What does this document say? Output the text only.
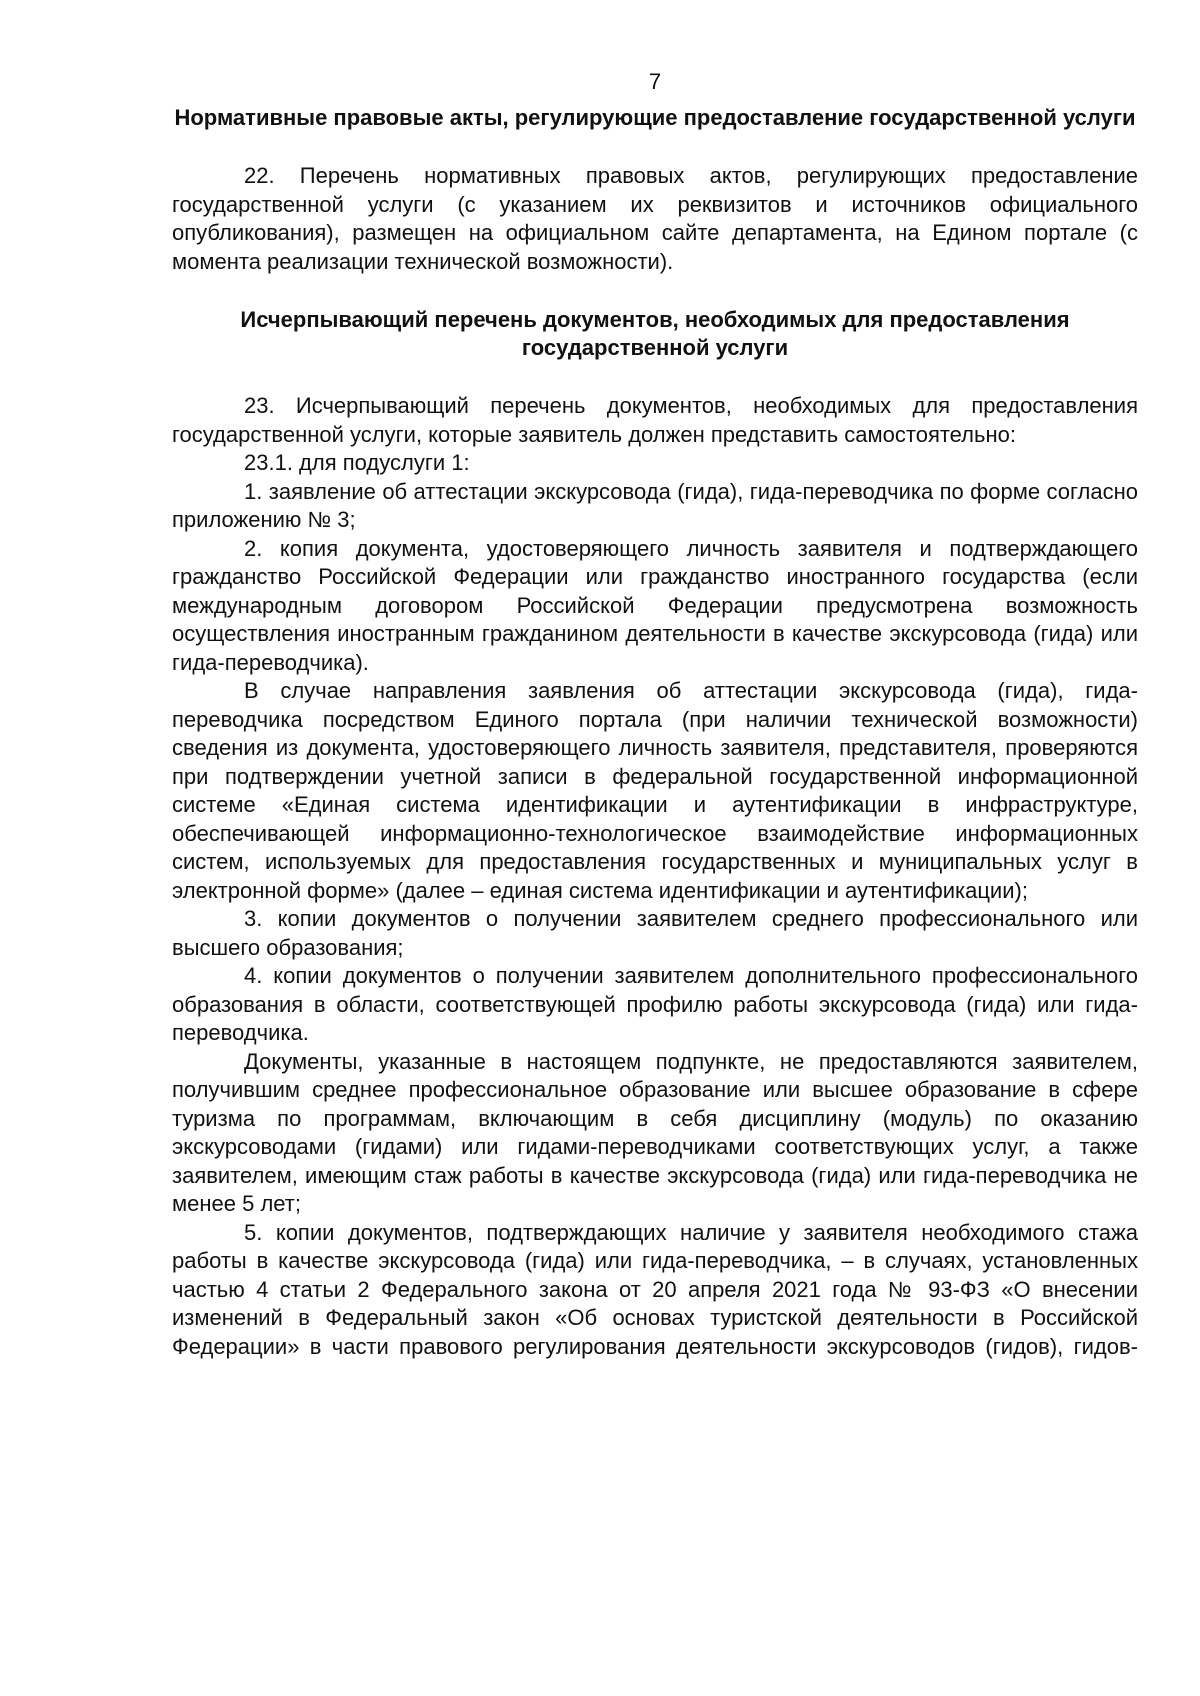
7
Нормативные правовые акты, регулирующие предоставление государственной услуги

22. Перечень нормативных правовых актов, регулирующих предоставление государственной услуги (с указанием их реквизитов и источников официального опубликования), размещен на официальном сайте департамента, на Едином портале (с момента реализации технической возможности).

Исчерпывающий перечень документов, необходимых для предоставления государственной услуги

23. Исчерпывающий перечень документов, необходимых для предоставления государственной услуги, которые заявитель должен представить самостоятельно:

23.1. для подуслуги 1:

1. заявление об аттестации экскурсовода (гида), гида-переводчика по форме согласно приложению № 3;

2. копия документа, удостоверяющего личность заявителя и подтверждающего гражданство Российской Федерации или гражданство иностранного государства (если международным договором Российской Федерации предусмотрена возможность осуществления иностранным гражданином деятельности в качестве экскурсовода (гида) или гида-переводчика).

В случае направления заявления об аттестации экскурсовода (гида), гида-переводчика посредством Единого портала (при наличии технической возможности) сведения из документа, удостоверяющего личность заявителя, представителя, проверяются при подтверждении учетной записи в федеральной государственной информационной системе «Единая система идентификации и аутентификации в инфраструктуре, обеспечивающей информационно-технологическое взаимодействие информационных систем, используемых для предоставления государственных и муниципальных услуг в электронной форме» (далее – единая система идентификации и аутентификации);

3. копии документов о получении заявителем среднего профессионального или высшего образования;

4. копии документов о получении заявителем дополнительного профессионального образования в области, соответствующей профилю работы экскурсовода (гида) или гида-переводчика.

Документы, указанные в настоящем подпункте, не предоставляются заявителем, получившим среднее профессиональное образование или высшее образование в сфере туризма по программам, включающим в себя дисциплину (модуль) по оказанию экскурсоводами (гидами) или гидами-переводчиками соответствующих услуг, а также заявителем, имеющим стаж работы в качестве экскурсовода (гида) или гида-переводчика не менее 5 лет;

5. копии документов, подтверждающих наличие у заявителя необходимого стажа работы в качестве экскурсовода (гида) или гида-переводчика, – в случаях, установленных частью 4 статьи 2 Федерального закона от 20 апреля 2021 года № 93-ФЗ «О внесении изменений в Федеральный закон «Об основах туристской деятельности в Российской Федерации» в части правового регулирования деятельности экскурсоводов (гидов), гидов-
